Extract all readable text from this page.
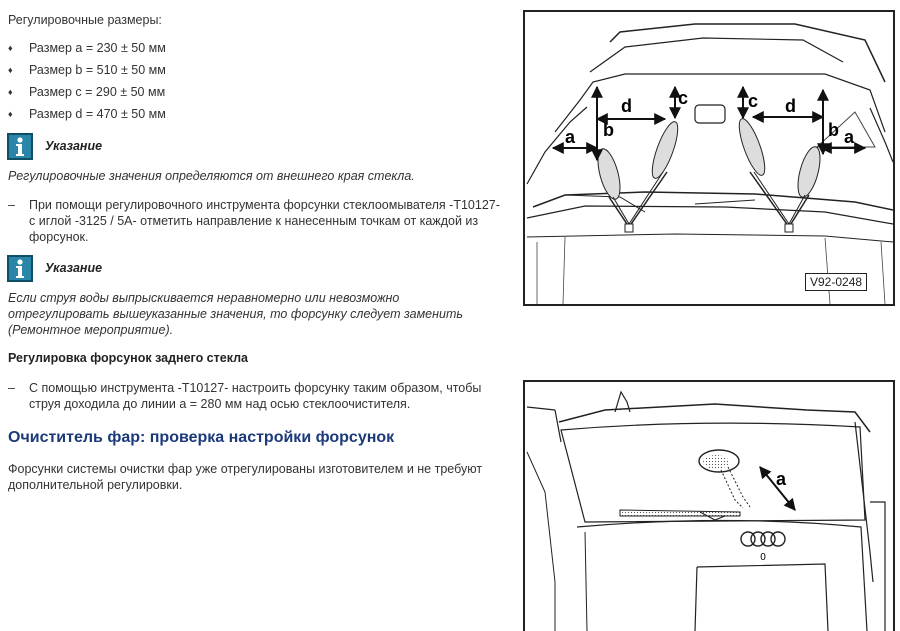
Регулировочные размеры:
♦ Размер a = 230 ± 50 мм
♦ Размер b = 510 ± 50 мм
♦ Размер c = 290 ± 50 мм
♦ Размер d = 470 ± 50 мм
Указание
Регулировочные значения определяются от внешнего края стекла.
– При помощи регулировочного инструмента форсунки стеклоомывателя -T10127-
с иглой -3125 / 5A- отметить направление к нанесенным точкам от каждой из
форсунок.
Указание
Если струя воды выпрыскивается неравномерно или невозможно
отрегулировать вышеуказанные значения, то форсунку следует заменить
(Ремонтное мероприятие).
Регулировка форсунок заднего стекла
– С помощью инструмента -T10127- настроить форсунку таким образом, чтобы
струя доходила до линии a = 280 мм над осью стеклоочистителя.
Очиститель фар: проверка настройки форсунок
Форсунки системы очистки фар уже отрегулированы изготовителем и не требуют
дополнительной регулировки.
a b
d	c	c d
b a
V92-0248
a
0
